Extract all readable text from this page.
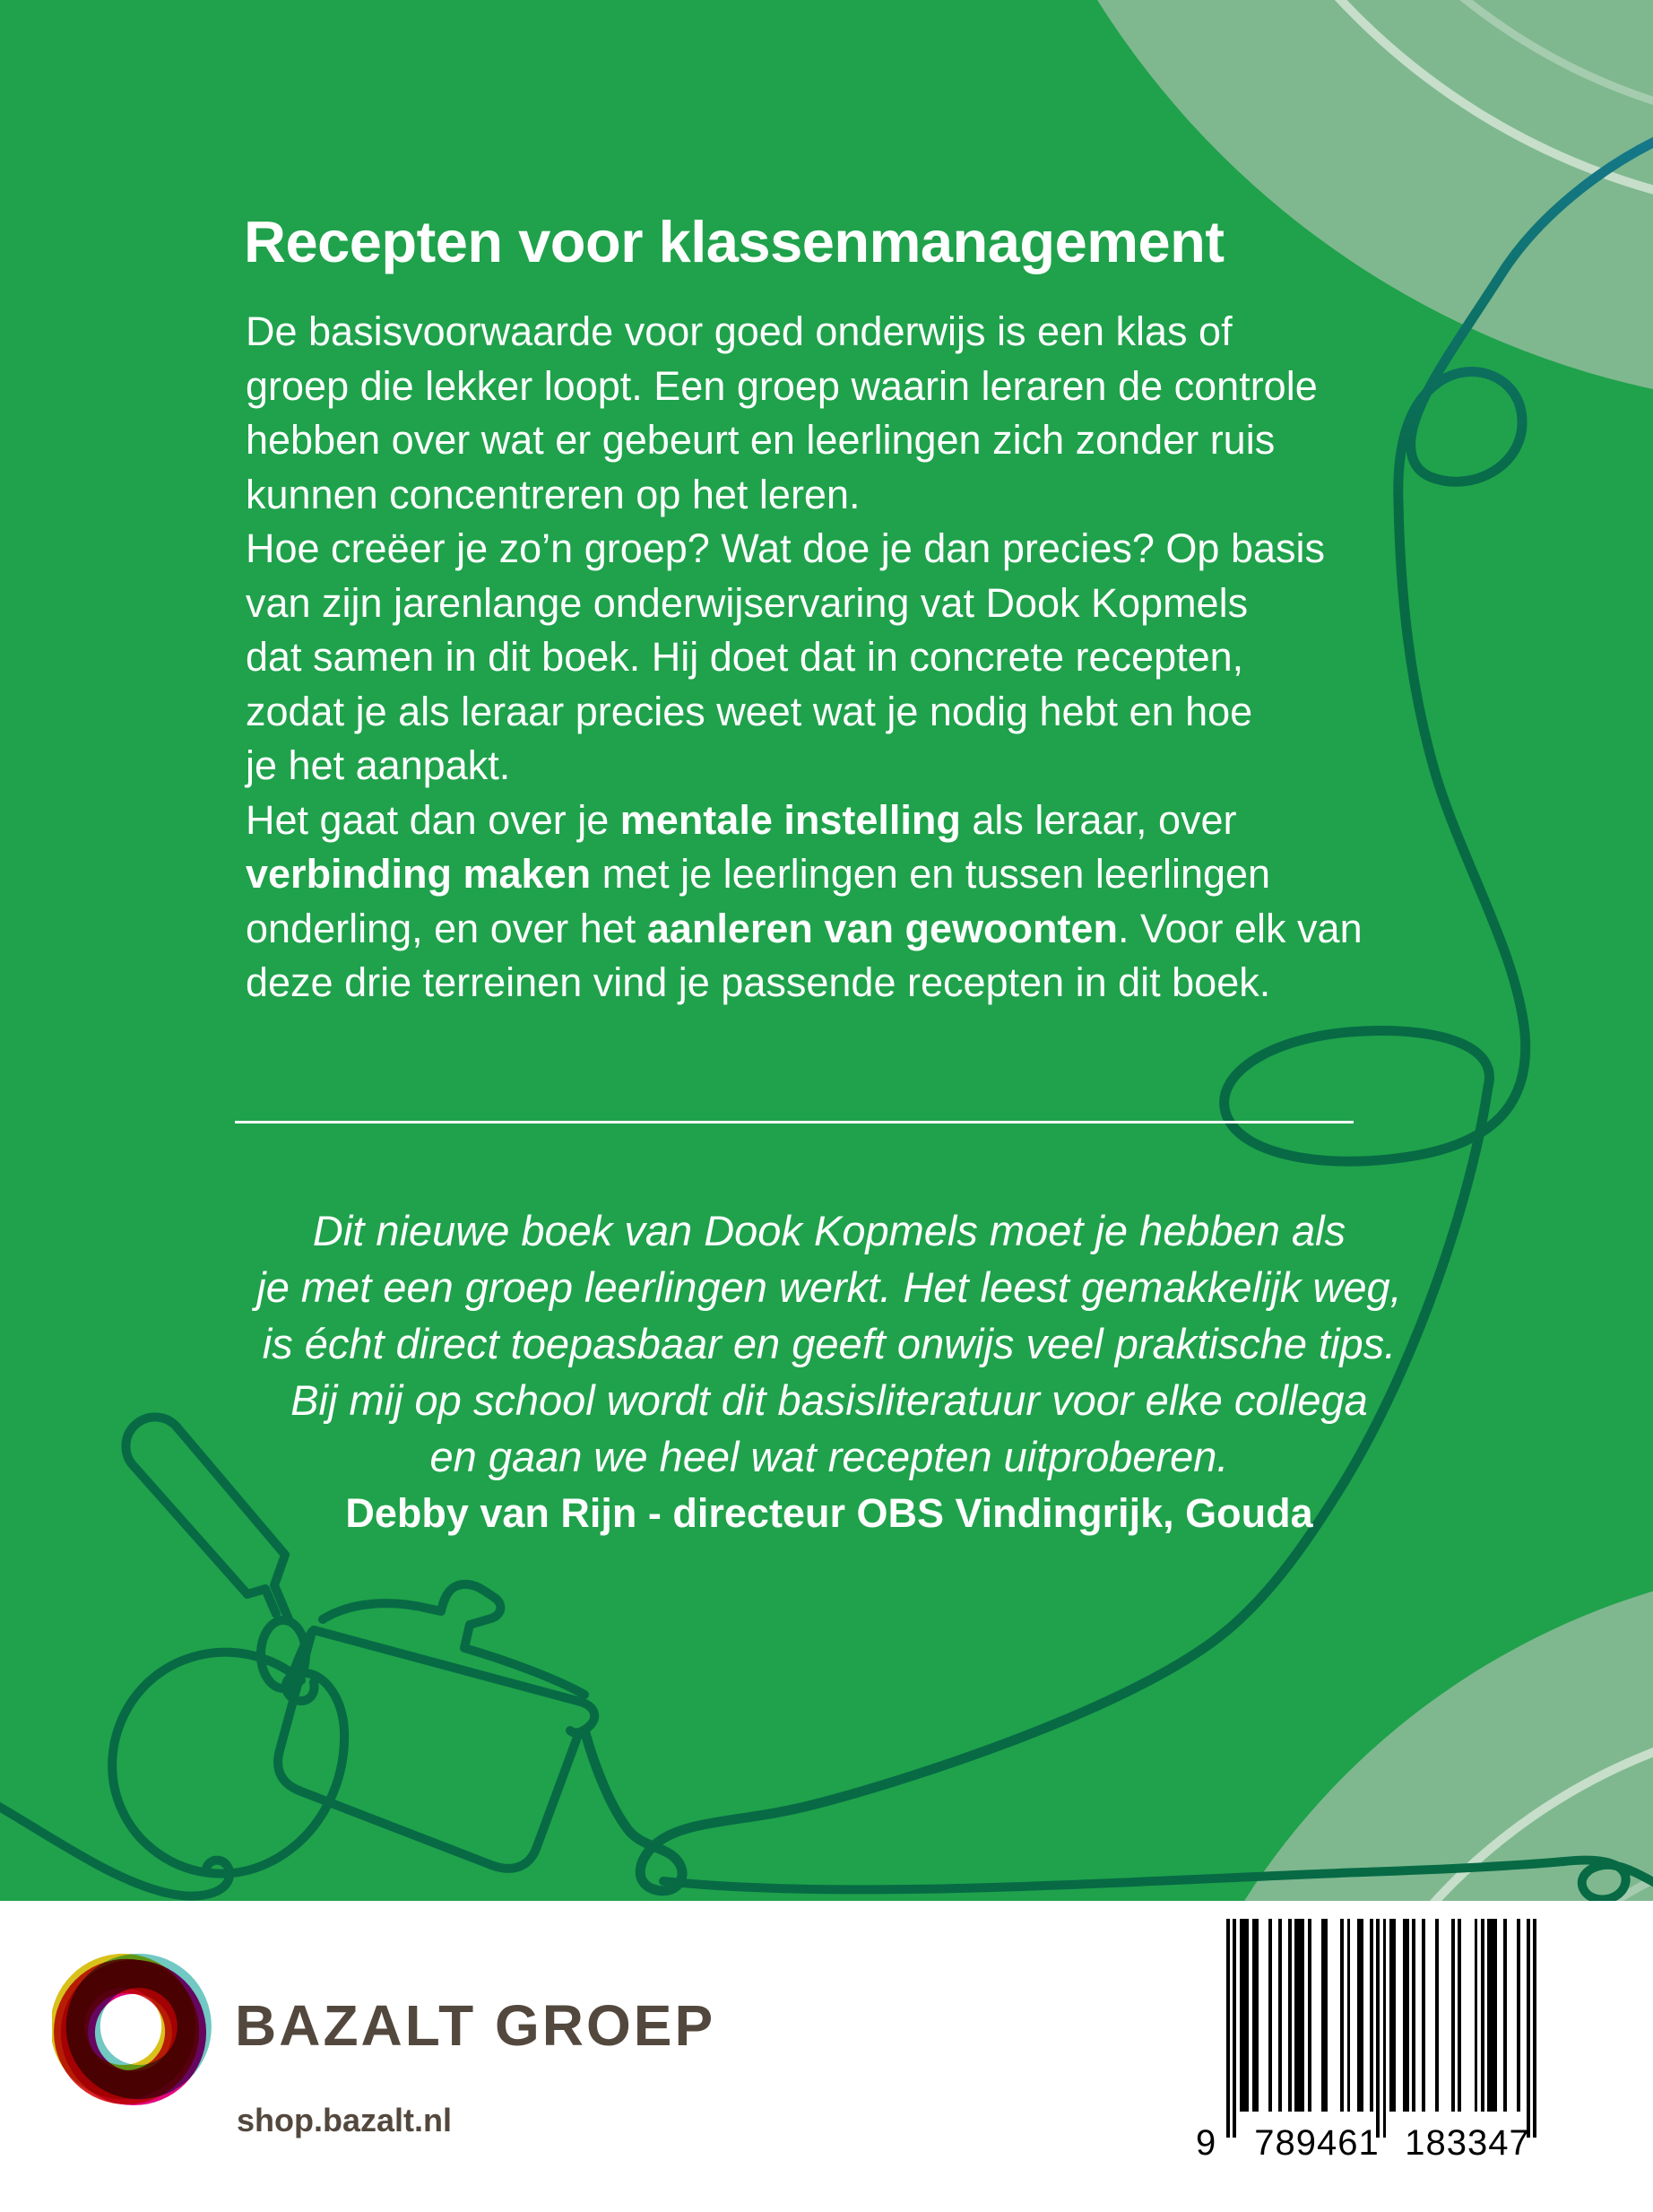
Recepten voor klassenmanagement
De basisvoorwaarde voor goed onderwijs is een klas of
groep die lekker loopt. Een groep waarin leraren de controle
hebben over wat er gebeurt en leerlingen zich zonder ruis
kunnen concentreren op het leren.
Hoe creëer je zo’n groep? Wat doe je dan precies? Op basis
van zijn jarenlange onderwijservaring vat Dook Kopmels
dat samen in dit boek. Hij doet dat in concrete recepten,
zodat je als leraar precies weet wat je nodig hebt en hoe
je het aanpakt.
Het gaat dan over je mentale instelling als leraar, over
verbinding maken met je leerlingen en tussen leerlingen
onderling, en over het aanleren van gewoonten. Voor elk van
deze drie terreinen vind je passende recepten in dit boek.
Dit nieuwe boek van Dook Kopmels moet je hebben als
je met een groep leerlingen werkt. Het leest gemakkelijk weg,
is écht direct toepasbaar en geeft onwijs veel praktische tips.
Bij mij op school wordt dit basisliteratuur voor elke collega
en gaan we heel wat recepten uitproberen.
Debby van Rijn - directeur OBS Vindingrijk, Gouda
BAZALT GROEP
shop.bazalt.nl
9 789461 183347
